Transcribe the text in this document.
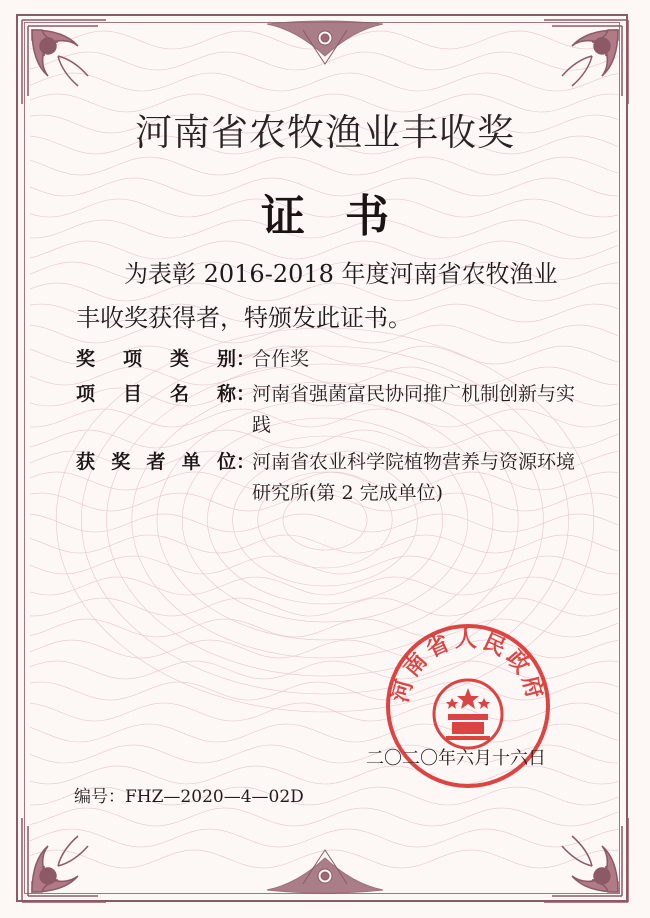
河南省农牧渔业丰收奖
证书
为表彰 2016-2018 年度河南省农牧渔业丰收奖获得者，特颁发此证书。
奖项类别 ：
合作奖
项目名称 ：
河南省强菌富民协同推广机制创新与实践
获奖者单位 ：
河南省农业科学院植物营养与资源环境研究所(第 2 完成单位)
河南省人民政府
二〇二〇年六月十六日
编号：FHZ—2020—4—02D
